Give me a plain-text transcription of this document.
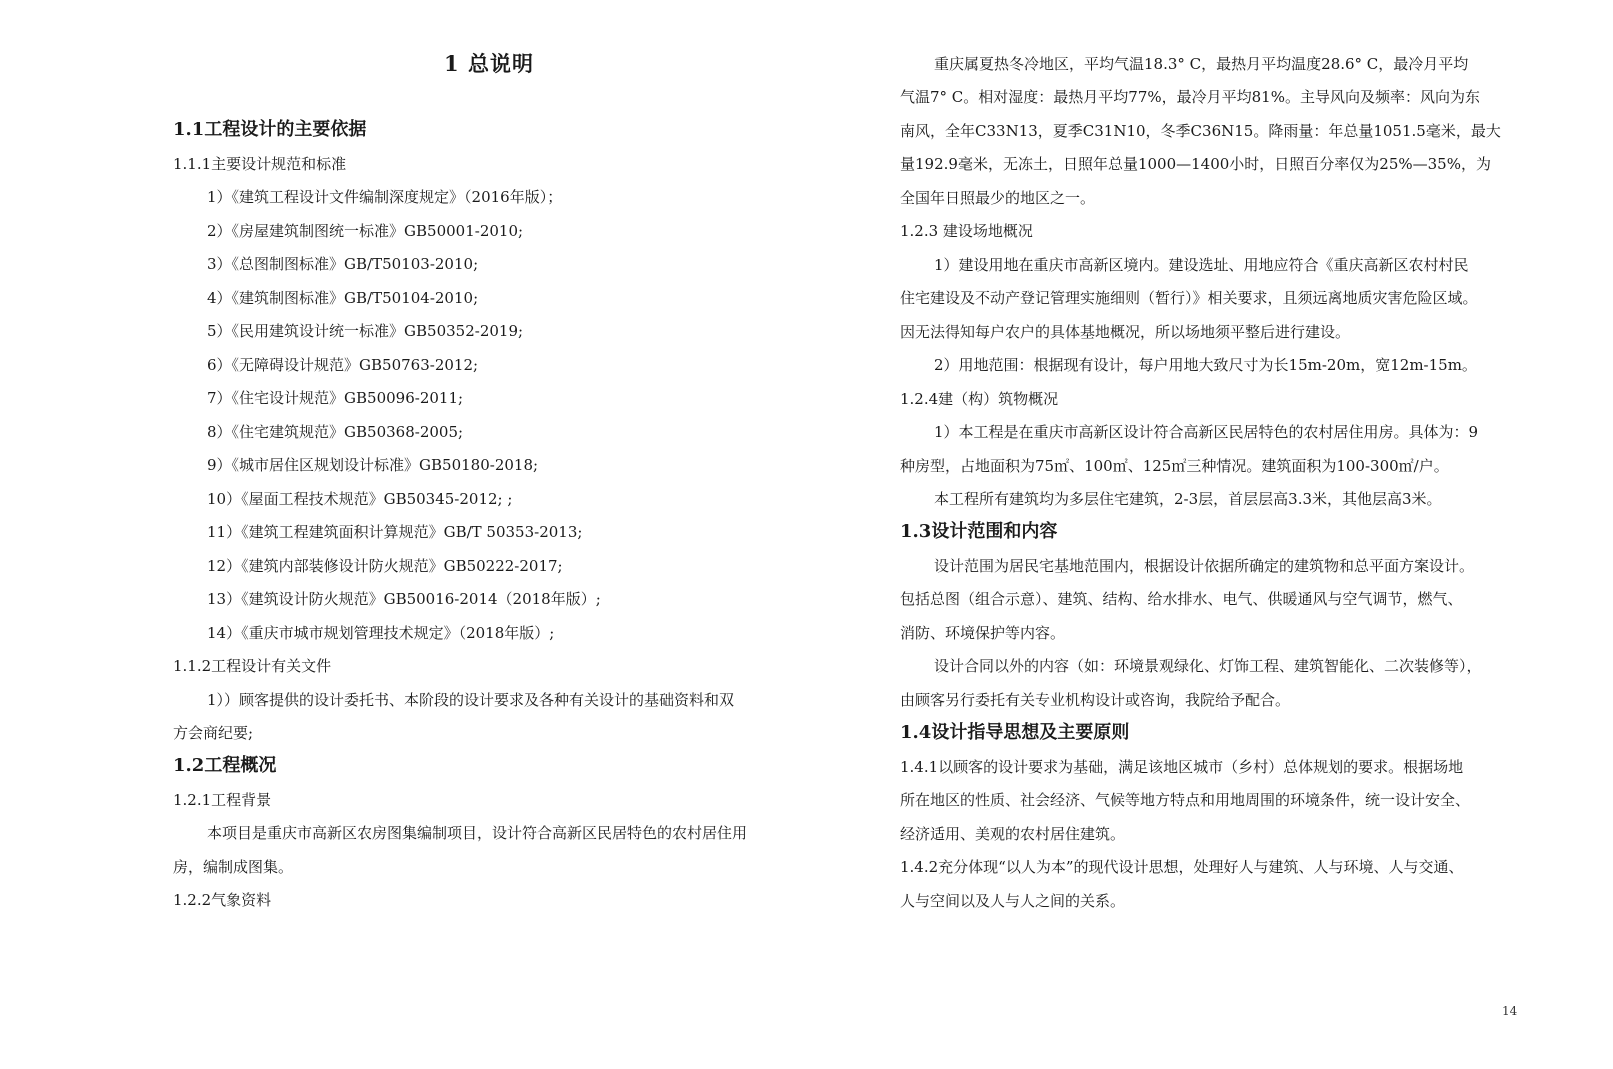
1 总说明
1.1工程设计的主要依据
1.1.1主要设计规范和标准
1）《建筑工程设计文件编制深度规定》（2016年版）；
2）《房屋建筑制图统一标准》GB50001-2010;
3）《总图制图标准》GB/T50103-2010;
4）《建筑制图标准》GB/T50104-2010;
5）《民用建筑设计统一标准》GB50352-2019;
6）《无障碍设计规范》GB50763-2012;
7）《住宅设计规范》GB50096-2011;
8）《住宅建筑规范》GB50368-2005;
9）《城市居住区规划设计标准》GB50180-2018;
10）《屋面工程技术规范》GB50345-2012; ;
11）《建筑工程建筑面积计算规范》GB/T 50353-2013;
12）《建筑内部装修设计防火规范》GB50222-2017;
13）《建筑设计防火规范》GB50016-2014（2018年版）;
14）《重庆市城市规划管理技术规定》（2018年版）;
1.1.2工程设计有关文件
1））顾客提供的设计委托书、本阶段的设计要求及各种有关设计的基础资料和双
方会商纪要;
1.2工程概况
1.2.1工程背景
本项目是重庆市高新区农房图集编制项目，设计符合高新区民居特色的农村居住用
房，编制成图集。
1.2.2气象资料
重庆属夏热冬冷地区，平均气温18.3° C，最热月平均温度28.6° C，最冷月平均
气温7° C。相对湿度：最热月平均77%，最冷月平均81%。主导风向及频率：风向为东
南风，全年C33N13，夏季C31N10，冬季C36N15。降雨量：年总量1051.5毫米，最大
量192.9毫米，无冻土，日照年总量1000—1400小时，日照百分率仅为25%—35%，为
全国年日照最少的地区之一。
1.2.3 建设场地概况
1）建设用地在重庆市高新区境内。建设选址、用地应符合《重庆高新区农村村民
住宅建设及不动产登记管理实施细则（暂行）》相关要求，且须远离地质灾害危险区域。
因无法得知每户农户的具体基地概况，所以场地须平整后进行建设。
2）用地范围：根据现有设计，每户用地大致尺寸为长15m-20m，宽12m-15m。
1.2.4建（构）筑物概况
1）本工程是在重庆市高新区设计符合高新区民居特色的农村居住用房。具体为：9
种房型，占地面积为75㎡、100㎡、125㎡三种情况。建筑面积为100-300㎡/户。
本工程所有建筑均为多层住宅建筑，2-3层，首层层高3.3米，其他层高3米。
1.3设计范围和内容
设计范围为居民宅基地范围内，根据设计依据所确定的建筑物和总平面方案设计。
包括总图（组合示意）、建筑、结构、给水排水、电气、供暖通风与空气调节，燃气、
消防、环境保护等内容。
设计合同以外的内容（如：环境景观绿化、灯饰工程、建筑智能化、二次装修等），
由顾客另行委托有关专业机构设计或咨询，我院给予配合。
1.4设计指导思想及主要原则
1.4.1以顾客的设计要求为基础，满足该地区城市（乡村）总体规划的要求。根据场地
所在地区的性质、社会经济、气候等地方特点和用地周围的环境条件，统一设计安全、
经济适用、美观的农村居住建筑。
1.4.2充分体现“以人为本”的现代设计思想，处理好人与建筑、人与环境、人与交通、
人与空间以及人与人之间的关系。
14
